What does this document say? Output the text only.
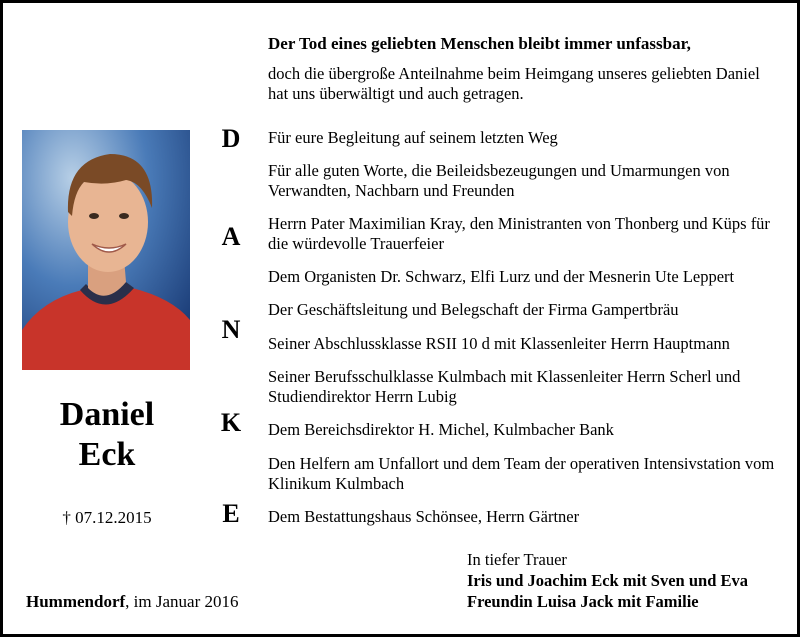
Der Tod eines geliebten Menschen bleibt immer unfassbar,
doch die übergroße Anteilnahme beim Heimgang unseres geliebten Daniel hat uns überwältigt und auch getragen.
Daniel
Eck
† 07.12.2015
Hummendorf, im Januar 2016
D
A
N
K
E
Für eure Begleitung auf seinem letzten Weg
Für alle guten Worte, die Beileidsbezeugungen und Umarmungen von Verwandten, Nachbarn und Freunden
Herrn Pater Maximilian Kray, den Ministranten von Thonberg und Küps für die würdevolle Trauerfeier
Dem Organisten Dr. Schwarz, Elfi Lurz und der Mesnerin Ute Leppert
Der Geschäftsleitung und Belegschaft der Firma Gampertbräu
Seiner Abschlussklasse RSII 10 d mit Klassenleiter Herrn Hauptmann
Seiner Berufsschulklasse Kulmbach mit Klassenleiter Herrn Scherl und Studiendirektor Herrn Lubig
Dem Bereichsdirektor H. Michel, Kulmbacher Bank
Den Helfern am Unfallort und dem Team der operativen Intensivstation vom Klinikum Kulmbach
Dem Bestattungshaus Schönsee, Herrn Gärtner
In tiefer Trauer
Iris und Joachim Eck mit Sven und Eva
Freundin Luisa Jack mit Familie
